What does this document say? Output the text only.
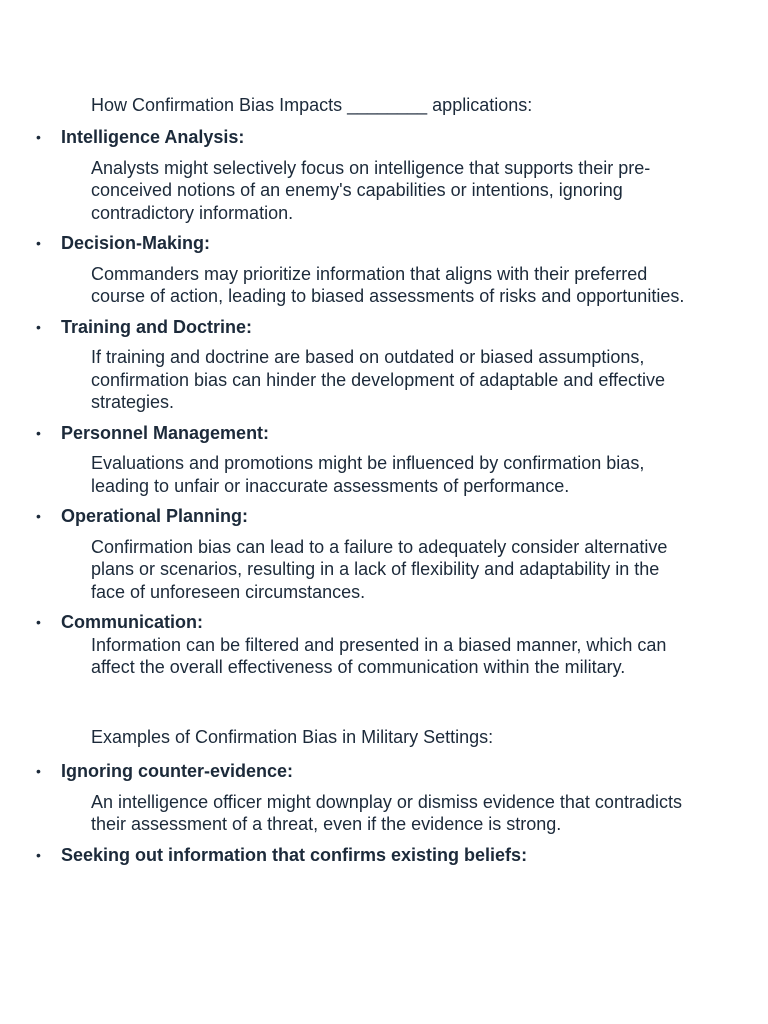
How Confirmation Bias Impacts ________ applications:
• Intelligence Analysis:
Analysts might selectively focus on intelligence that supports their pre-conceived notions of an enemy's capabilities or intentions, ignoring contradictory information.
• Decision-Making:
Commanders may prioritize information that aligns with their preferred course of action, leading to biased assessments of risks and opportunities.
• Training and Doctrine:
If training and doctrine are based on outdated or biased assumptions, confirmation bias can hinder the development of adaptable and effective strategies.
• Personnel Management:
Evaluations and promotions might be influenced by confirmation bias, leading to unfair or inaccurate assessments of performance.
• Operational Planning:
Confirmation bias can lead to a failure to adequately consider alternative plans or scenarios, resulting in a lack of flexibility and adaptability in the face of unforeseen circumstances.
• Communication:
Information can be filtered and presented in a biased manner, which can affect the overall effectiveness of communication within the military.
• Ignoring counter-evidence:
An intelligence officer might downplay or dismiss evidence that contradicts their assessment of a threat, even if the evidence is strong.
• Seeking out information that confirms existing beliefs:
Examples of Confirmation Bias in Military Settings:
